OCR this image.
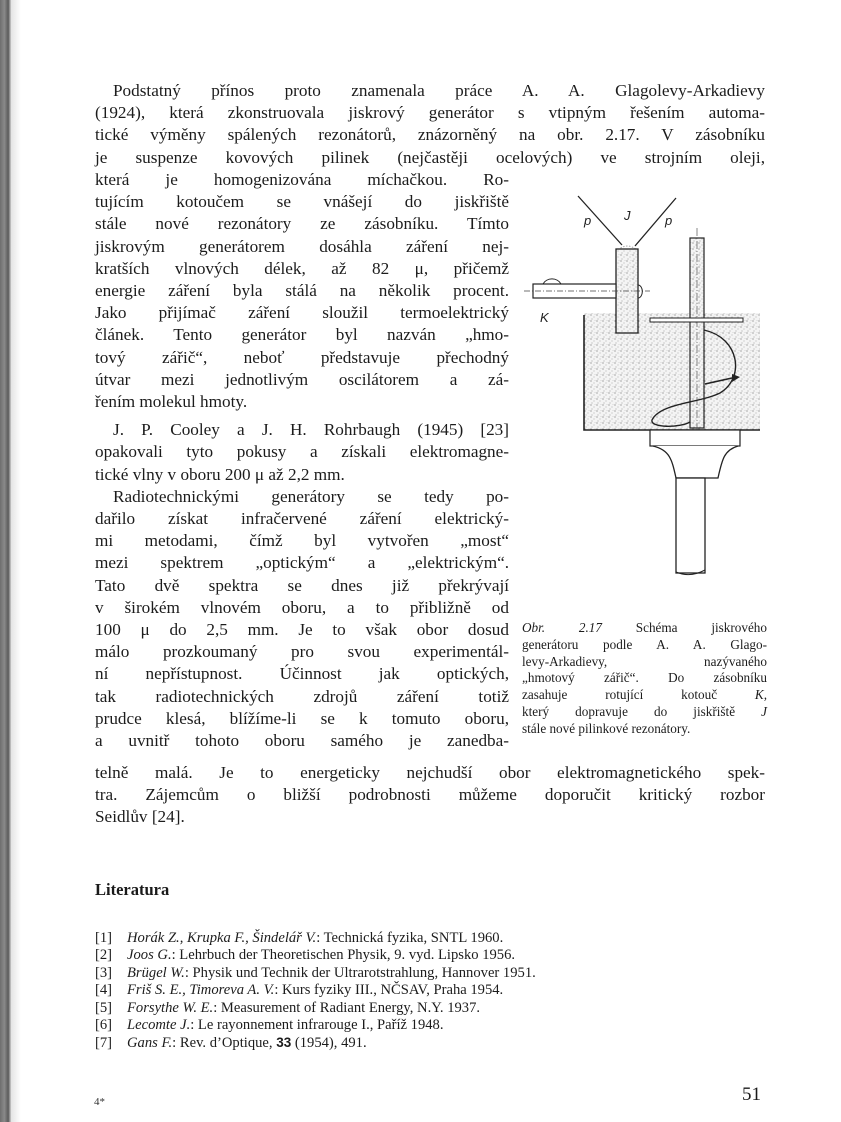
Podstatný přínos proto znamenala práce A. A. Glagolevy-Arkadievy
(1924), která zkonstruovala jiskrový generátor s vtipným řešením automa-
tické výměny spálených rezonátorů, znázorněný na obr. 2.17. V zásobníku
je suspenze kovových pilinek (nejčastěji ocelových) ve strojním oleji,
která je homogenizována míchačkou. Ro-
tujícím kotoučem se vnášejí do jiskřiště
stále nové rezonátory ze zásobníku. Tímto
jiskrovým generátorem dosáhla záření nej-
kratších vlnových délek, až 82 μ, přičemž
energie záření byla stálá na několik procent.
Jako přijímač záření sloužil termoelektrický
článek. Tento generátor byl nazván „hmo-
tový zářič“, neboť představuje přechodný
útvar mezi jednotlivým oscilátorem a zá-
řením molekul hmoty.
J. P. Cooley a J. H. Rohrbaugh (1945) [23]
opakovali tyto pokusy a získali elektromagne-
tické vlny v oboru 200 μ až 2,2 mm.
Radiotechnickými generátory se tedy po-
dařilo získat infračervené záření elektrický-
mi metodami, čímž byl vytvořen „most“
mezi spektrem „optickým“ a „elektrickým“.
Tato dvě spektra se dnes již překrývají
v širokém vlnovém oboru, a to přibližně od
100 μ do 2,5 mm. Je to však obor dosud
málo prozkoumaný pro svou experimentál-
ní nepřístupnost. Účinnost jak optických,
tak radiotechnických zdrojů záření totiž
prudce klesá, blížíme-li se k tomuto oboru,
a uvnitř tohoto oboru samého je zanedba-
p	J	p
K
Obr. 2.17 Schéma jiskrového
generátoru podle A. A. Glago-
levy-Arkadievy, nazývaného
„hmotový zářič“. Do zásobníku
zasahuje rotující kotouč K,
který dopravuje do jiskřiště J
stále nové pilinkové rezonátory.
telně malá. Je to energeticky nejchudší obor elektromagnetického spek-
tra. Zájemcům o bližší podrobnosti můžeme doporučit kritický rozbor
Seidlův [24].
Literatura
[1] Horák Z., Krupka F., Šindelář V.: Technická fyzika, SNTL 1960.
[2] Joos G.: Lehrbuch der Theoretischen Physik, 9. vyd. Lipsko 1956.
[3] Brügel W.: Physik und Technik der Ultrarotstrahlung, Hannover 1951.
[4] Friš S. E., Timoreva A. V.: Kurs fyziky III., NČSAV, Praha 1954.
[5] Forsythe W. E.: Measurement of Radiant Energy, N.Y. 1937.
[6] Lecomte J.: Le rayonnement infrarouge I., Paříž 1948.
[7] Gans F.: Rev. d’Optique, 33 (1954), 491.
4*	51
